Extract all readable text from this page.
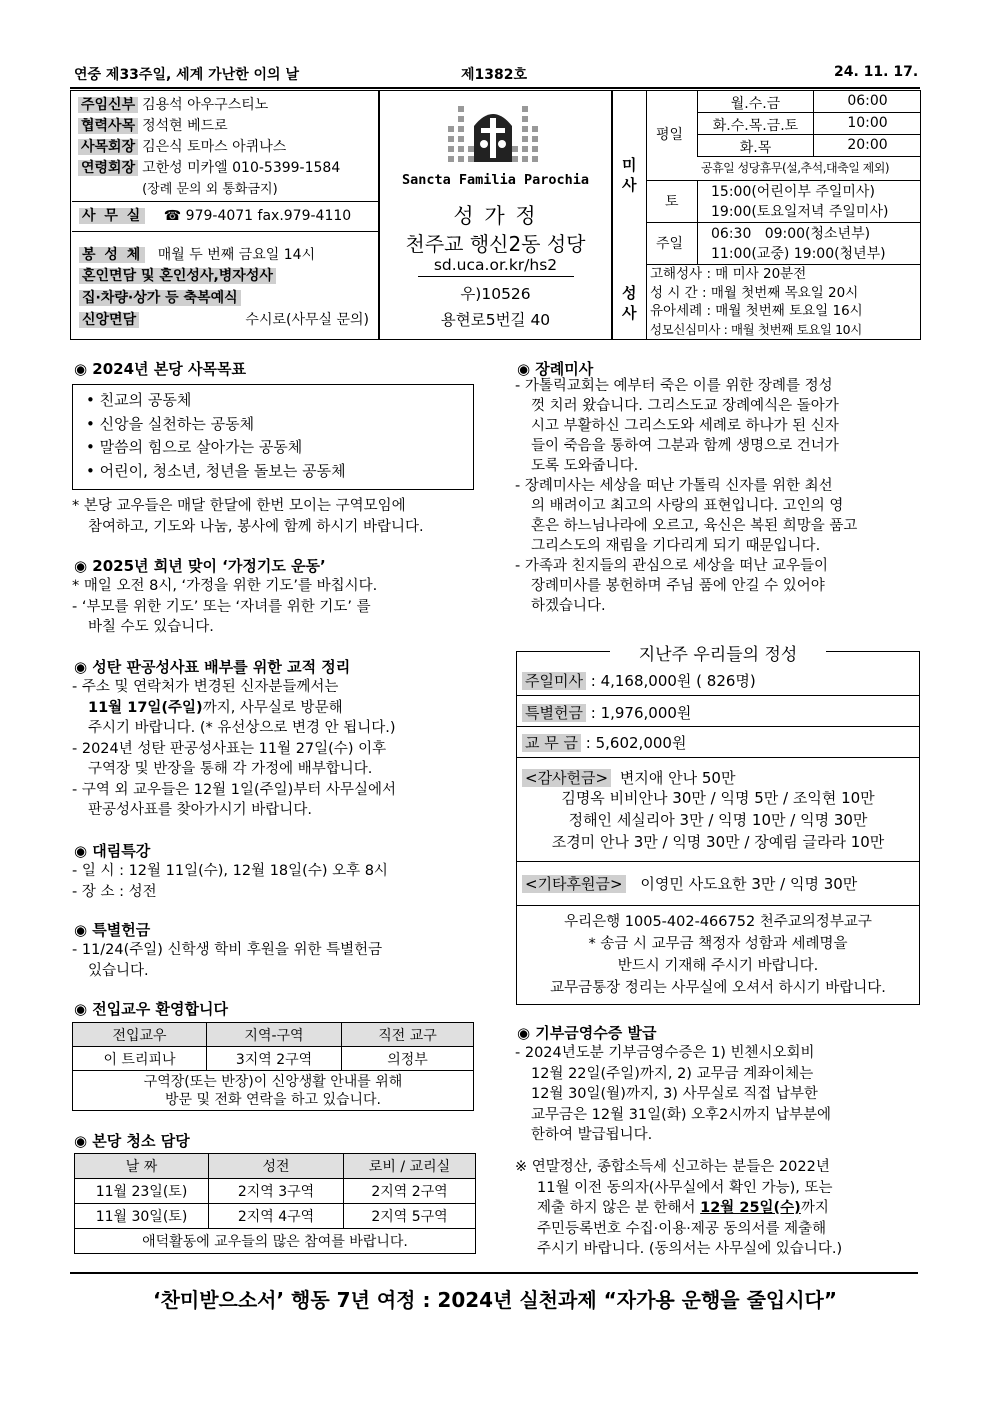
연중 제33주일, 세계 가난한 이의 날	제1382호	24. 11. 17.
주임신부	김용석 아우구스티노
협력사목	정석현 베드로
사목회장	김은식 토마스 아퀴나스
연령회장	고한성 미카엘 010-5399-1584
	(장례 문의 외 통화금지)
사 무 실 ☎ 979-4071 fax.979-4110
봉 성 체 매월 두 번째 금요일 14시
혼인면담 및 혼인성사,병자성사
집·차량·상가 등 축복예식
신앙면담	수시로(사무실 문의)
Sancta Familia Parochia
성 가 정
천주교 행신2동 성당
sd.uca.or.kr/hs2
우)10526
용현로5번길 40
미사
성사
평일
월.수.금	06:00
화.수.목.금.토	10:00
화.목	20:00
공휴일 성당휴무(설,추석,대축일 제외)
토
15:00(어린이부 주일미사)
19:00(토요일저녁 주일미사)
주일
06:30   09:00(청소년부)
11:00(교중) 19:00(청년부)
고해성사 : 매 미사 20분전
성 시 간 : 매월 첫번째 목요일 20시
유아세례 : 매월 첫번째 토요일 16시
성모신심미사 : 매월 첫번째 토요일 10시
◉ 2024년 본당 사목목표
• 친교의 공동체
• 신앙을 실천하는 공동체
• 말씀의 힘으로 살아가는 공동체
• 어린이, 청소년, 청년을 돌보는 공동체
* 본당 교우들은 매달 한달에 한번 모이는 구역모임에
참여하고, 기도와 나눔, 봉사에 함께 하시기 바랍니다.
◉ 2025년 희년 맞이 ‘가정기도 운동’
* 매일 오전 8시, ‘가정을 위한 기도’를 바칩시다.
- ‘부모를 위한 기도’ 또는 ‘자녀를 위한 기도’ 를
바칠 수도 있습니다.
◉ 성탄 판공성사표 배부를 위한 교적 정리
- 주소 및 연락처가 변경된 신자분들께서는
11월 17일(주일)까지, 사무실로 방문해
주시기 바랍니다. (* 유선상으로 변경 안 됩니다.)
- 2024년 성탄 판공성사표는 11월 27일(수) 이후
구역장 및 반장을 통해 각 가정에 배부합니다.
- 구역 외 교우들은 12월 1일(주일)부터 사무실에서
판공성사표를 찾아가시기 바랍니다.
◉ 대림특강
- 일 시 : 12월 11일(수), 12월 18일(수) 오후 8시
- 장 소 : 성전
◉ 특별헌금
- 11/24(주일) 신학생 학비 후원을 위한 특별헌금
있습니다.
◉ 전입교우 환영합니다
전입교우	지역-구역	직전 교구
이 트리피나	3지역 2구역	의정부

구역장(또는 반장)이 신앙생활 안내를 위해
방문 및 전화 연락을 하고 있습니다.		
◉ 본당 청소 담당
날 짜	성전	로비 / 교리실
11월 23일(토)	2지역 3구역	2지역 2구역
11월 30일(토)	2지역 4구역	2지역 5구역
애덕활동에 교우들의 많은 참여를 바랍니다.		
◉ 장례미사
- 가톨릭교회는 예부터 죽은 이를 위한 장례를 정성
껏 치러 왔습니다. 그리스도교 장례예식은 돌아가
시고 부활하신 그리스도와 세례로 하나가 된 신자
들이 죽음을 통하여 그분과 함께 생명으로 건너가
도록 도와줍니다.
- 장례미사는 세상을 떠난 가톨릭 신자를 위한 최선
의 배려이고 최고의 사랑의 표현입니다. 고인의 영
혼은 하느님나라에 오르고, 육신은 복된 희망을 품고
그리스도의 재림을 기다리게 되기 때문입니다.
- 가족과 친지들의 관심으로 세상을 떠난 교우들이
장례미사를 봉헌하며 주님 품에 안길 수 있어야
하겠습니다.
지난주 우리들의 정성
주일미사 : 4,168,000원 ( 826명)
특별헌금 : 1,976,000원
교 무 금 : 5,602,000원
<감사헌금> 변지애 안나 50만
김명옥 비비안나 30만 / 익명 5만 / 조익현 10만
정해인 세실리아 3만 / 익명 10만 / 익명 30만
조경미 안나 3만 / 익명 30만 / 장예림 글라라 10만
<기타후원금> 이영민 사도요한 3만 / 익명 30만
우리은행 1005-402-466752 천주교의정부교구
* 송금 시 교무금 책정자 성함과 세례명을
반드시 기재해 주시기 바랍니다.
교무금통장 정리는 사무실에 오셔서 하시기 바랍니다.
◉ 기부금영수증 발급
- 2024년도분 기부금영수증은 1) 빈첸시오회비
12월 22일(주일)까지, 2) 교무금 계좌이체는
12월 30일(월)까지, 3) 사무실로 직접 납부한
교무금은 12월 31일(화) 오후2시까지 납부분에
한하여 발급됩니다.
※ 연말정산, 종합소득세 신고하는 분들은 2022년
11월 이전 동의자(사무실에서 확인 가능), 또는
제출 하지 않은 분 한해서 12월 25일(수)까지
주민등록번호 수집·이용·제공 동의서를 제출해
주시기 바랍니다. (동의서는 사무실에 있습니다.)
‘찬미받으소서’ 행동 7년 여정 : 2024년 실천과제 “자가용 운행을 줄입시다”
